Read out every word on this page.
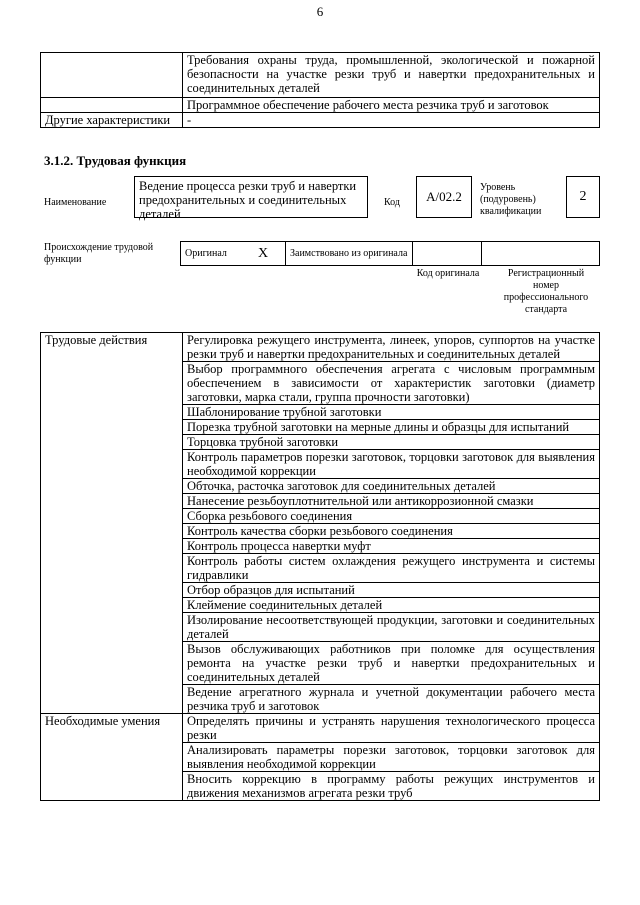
6
	Требования охраны труда, промышленной, экологической и пожарной безопасности на участке резки труб и навертки предохранительных и соединительных деталей
	Программное обеспечение рабочего места резчика труб и заготовок
Другие характеристики	-
3.1.2. Трудовая функция
Наименование
Ведение процесса резки труб и навертки предохранительных и соединительных деталей
Код	A/02.2
Уровень (подуровень) квалификации
2
Происхождение трудовой функции
Оригинал	X	Заимствовано из оригинала		
Код оригинала	Регистрационный номер профессионального стандарта
Трудовые действия	Регулировка режущего инструмента, линеек, упоров, суппортов на участке резки труб и навертки предохранительных и соединительных деталей
	Выбор программного обеспечения агрегата с числовым программным обеспечением в зависимости от характеристик заготовки (диаметр заготовки, марка стали, группа прочности заготовки)
	Шаблонирование трубной заготовки
	Порезка трубной заготовки на мерные длины и образцы для испытаний
	Торцовка трубной заготовки
	Контроль параметров порезки заготовок, торцовки заготовок для выявления необходимой коррекции
	Обточка, расточка заготовок для соединительных деталей
	Нанесение резьбоуплотнительной или антикоррозионной смазки
	Сборка резьбового соединения
	Контроль качества сборки резьбового соединения
	Контроль процесса навертки муфт
	Контроль работы систем охлаждения режущего инструмента и системы гидравлики
	Отбор образцов для испытаний
	Клеймение соединительных деталей
	Изолирование несоответствующей продукции, заготовки и соединительных деталей
	Вызов обслуживающих работников при поломке для осуществления ремонта на участке резки труб и навертки предохранительных и соединительных деталей
	Ведение агрегатного журнала и учетной документации рабочего места резчика труб и заготовок
Необходимые умения	Определять причины и устранять нарушения технологического процесса резки
	Анализировать параметры порезки заготовок, торцовки заготовок для выявления необходимой коррекции
	Вносить коррекцию в программу работы режущих инструментов и движения механизмов агрегата резки труб
